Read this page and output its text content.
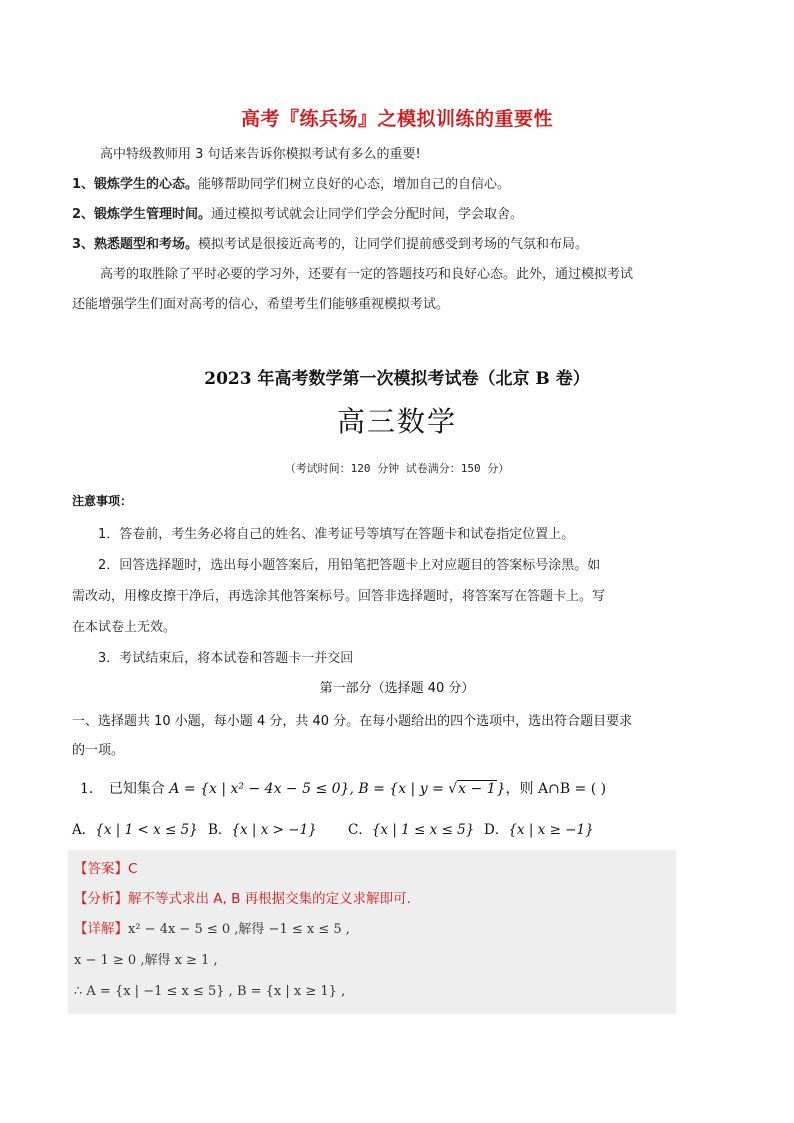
高考『练兵场』之模拟训练的重要性

高中特级教师用 3 句话来告诉你模拟考试有多么的重要!

1、锻炼学生的心态。能够帮助同学们树立良好的心态，增加自己的自信心。

2、锻炼学生管理时间。通过模拟考试就会让同学们学会分配时间，学会取舍。

3、熟悉题型和考场。模拟考试是很接近高考的，让同学们提前感受到考场的气氛和布局。

高考的取胜除了平时必要的学习外，还要有一定的答题技巧和良好心态。此外，通过模拟考试

还能增强学生们面对高考的信心，希望考生们能够重视模拟考试。

2023 年高考数学第一次模拟考试卷（北京 B 卷）
高三数学
（考试时间：120 分钟 试卷满分：150 分）
注意事项：

1．答卷前，考生务必将自己的姓名、准考证号等填写在答题卡和试卷指定位置上。

2．回答选择题时，选出每小题答案后，用铅笔把答题卡上对应题目的答案标号涂黑。如

需改动，用橡皮擦干净后，再选涂其他答案标号。回答非选择题时，将答案写在答题卡上。写

在本试卷上无效。

3．考试结束后，将本试卷和答题卡一并交回

第一部分（选择题 40 分）

一、选择题共 10 小题，每小题 4 分，共 40 分。在每小题给出的四个选项中，选出符合题目要求

的一项。

1． 已知集合 A = {x | x² − 4x − 5 ≤ 0}, B = {x | y = √x − 1}，则 A∩B = ( )
A．{x | 1 < x ≤ 5} B．{x | x > −1} C．{x | 1 ≤ x ≤ 5} D．{x | x ≥ −1}
【答案】C
【分析】解不等式求出 A, B 再根据交集的定义求解即可.
【详解】x² − 4x − 5 ≤ 0 ,解得 −1 ≤ x ≤ 5 ,
x − 1 ≥ 0 ,解得 x ≥ 1 ,
∴ A = {x | −1 ≤ x ≤ 5} , B = {x | x ≥ 1} ,
